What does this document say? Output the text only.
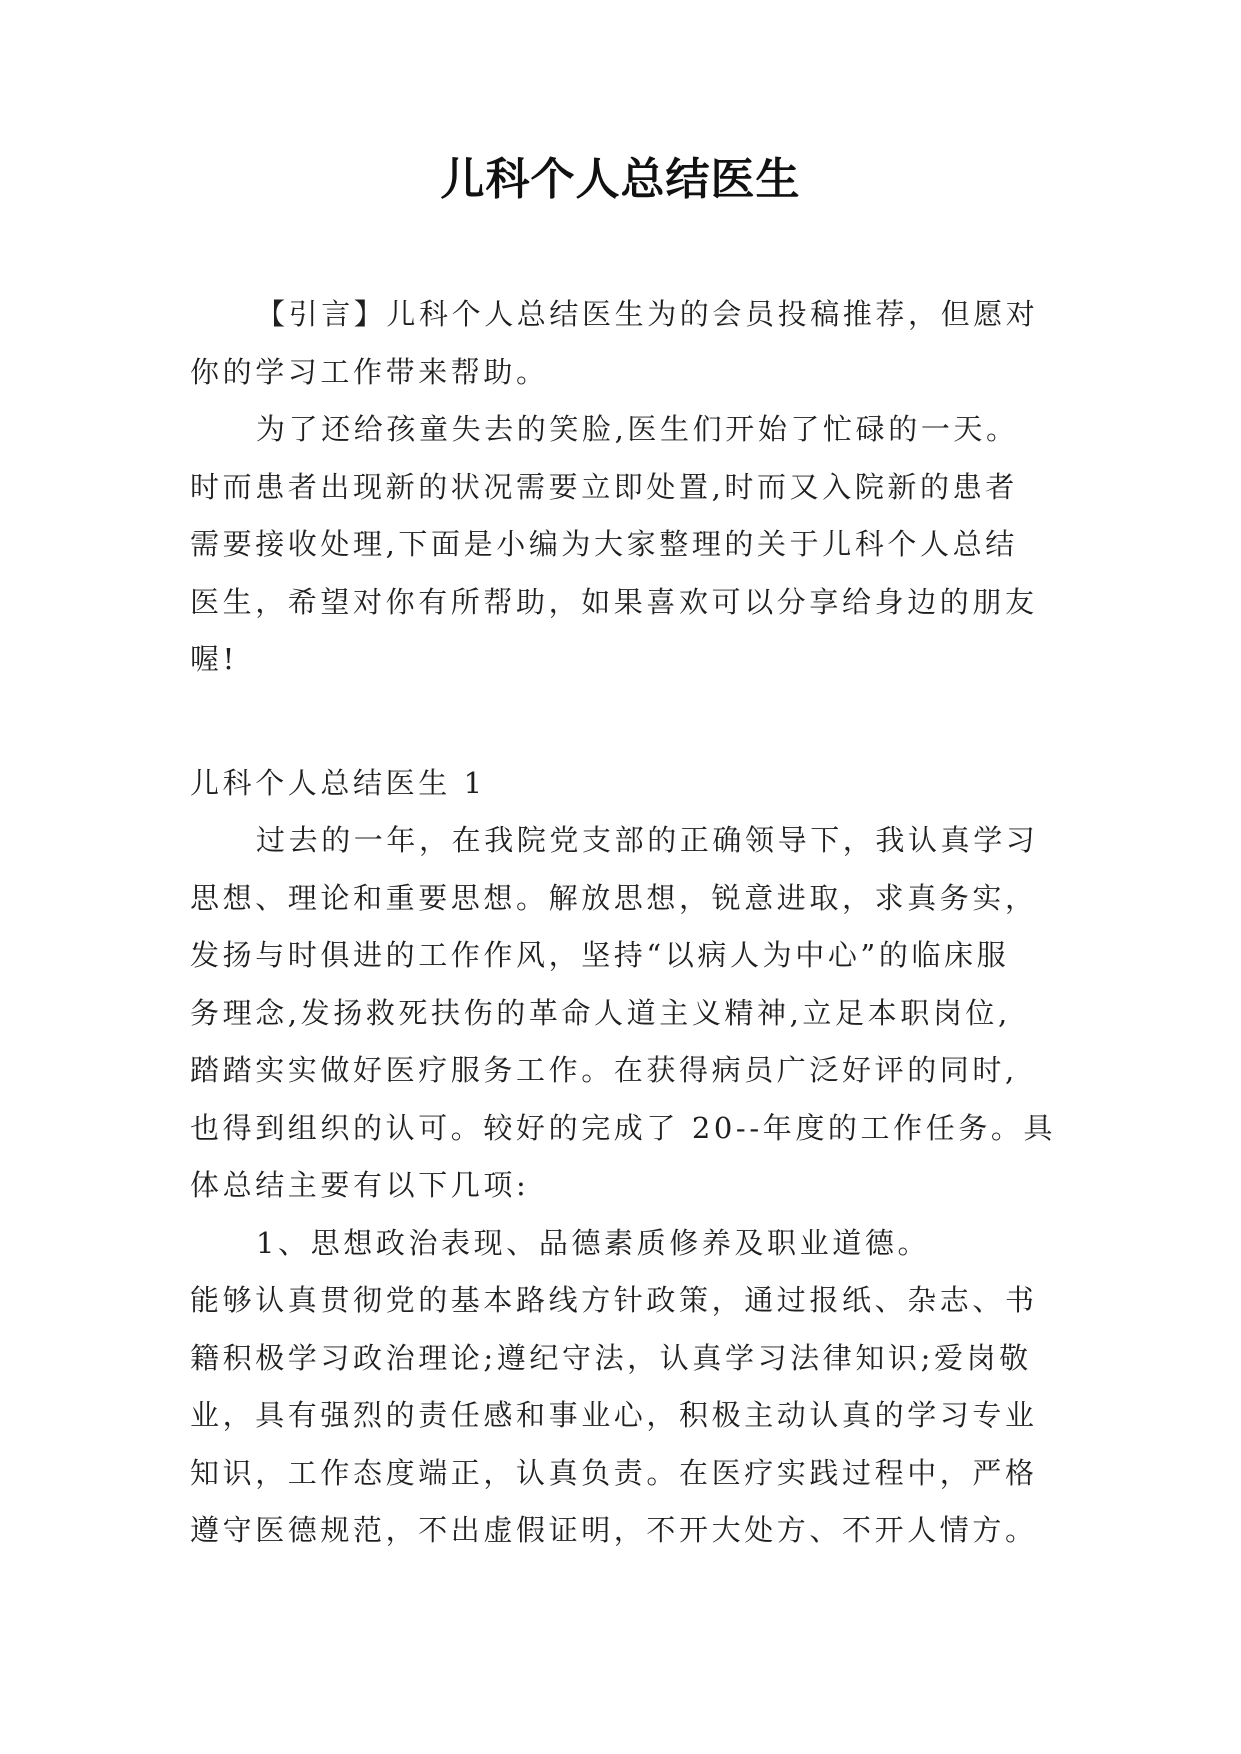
儿科个人总结医生
【引言】儿科个人总结医生为的会员投稿推荐，但愿对
你的学习工作带来帮助。
为了还给孩童失去的笑脸,医生们开始了忙碌的一天。
时而患者出现新的状况需要立即处置,时而又入院新的患者
需要接收处理,下面是小编为大家整理的关于儿科个人总结
医生，希望对你有所帮助，如果喜欢可以分享给身边的朋友
喔!
儿科个人总结医生 1
过去的一年，在我院党支部的正确领导下，我认真学习
思想、理论和重要思想。解放思想，锐意进取，求真务实，
发扬与时俱进的工作作风，坚持“以病人为中心”的临床服
务理念,发扬救死扶伤的革命人道主义精神,立足本职岗位,
踏踏实实做好医疗服务工作。在获得病员广泛好评的同时,
也得到组织的认可。较好的完成了 20--年度的工作任务。具
体总结主要有以下几项:
1、思想政治表现、品德素质修养及职业道德。
能够认真贯彻党的基本路线方针政策，通过报纸、杂志、书
籍积极学习政治理论;遵纪守法，认真学习法律知识;爱岗敬
业，具有强烈的责任感和事业心，积极主动认真的学习专业
知识，工作态度端正，认真负责。在医疗实践过程中，严格
遵守医德规范，不出虚假证明，不开大处方、不开人情方。
